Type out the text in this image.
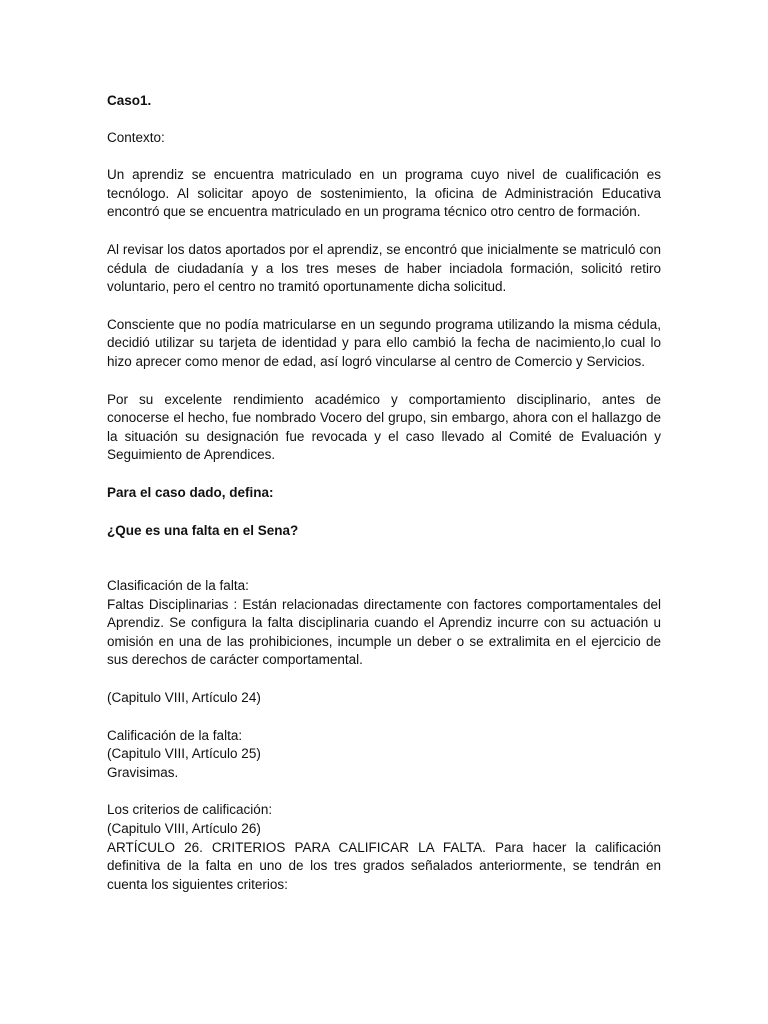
Caso1.

Contexto:

Un aprendiz se encuentra matriculado en un programa cuyo nivel de cualificación es tecnólogo. Al solicitar apoyo de sostenimiento, la oficina de Administración Educativa encontró que se encuentra matriculado en un programa técnico otro centro de formación.

Al revisar los datos aportados por el aprendiz, se encontró que inicialmente se matriculó con cédula de ciudadanía y a los tres meses de haber inciadola formación, solicitó retiro voluntario, pero el centro no tramitó oportunamente dicha solicitud.

Consciente que no podía matricularse en un segundo programa utilizando la misma cédula, decidió utilizar su tarjeta de identidad y para ello cambió la fecha de nacimiento,lo cual lo hizo aprecer como menor de edad, así logró vincularse al centro de Comercio y Servicios.

Por su excelente rendimiento académico y comportamiento disciplinario, antes de conocerse el hecho, fue nombrado Vocero del grupo, sin embargo, ahora con el hallazgo de la situación su designación fue revocada y el caso llevado al Comité de Evaluación y Seguimiento de Aprendices.

Para el caso dado, defina:

¿Que es una falta en el Sena?

Clasificación de la falta:

Faltas Disciplinarias : Están relacionadas directamente con factores comportamentales del Aprendiz. Se configura la falta disciplinaria cuando el Aprendiz incurre con su actuación u omisión en una de las prohibiciones, incumple un deber o se extralimita en el ejercicio de sus derechos de carácter comportamental.

(Capitulo VIII, Artículo 24)

Calificación de la falta:

(Capitulo VIII, Artículo 25)

Gravisimas.

Los criterios de calificación:

(Capitulo VIII, Artículo 26)

ARTÍCULO 26. CRITERIOS PARA CALIFICAR LA FALTA. Para hacer la calificación definitiva de la falta en uno de los tres grados señalados anteriormente, se tendrán en cuenta los siguientes criterios:
